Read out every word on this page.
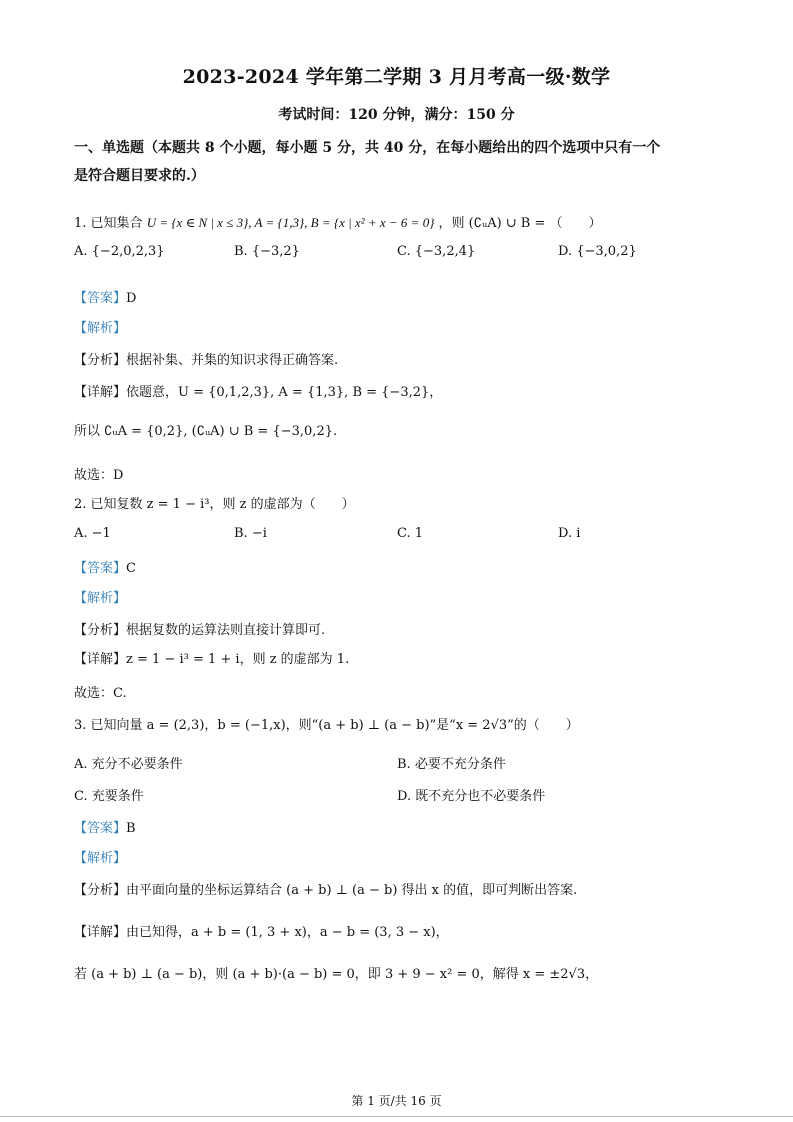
2023-2024 学年第二学期 3 月月考高一级·数学
考试时间：120 分钟，满分：150 分
一、单选题（本题共 8 个小题，每小题 5 分，共 40 分，在每小题给出的四个选项中只有一个
是符合题目要求的.）
1. 已知集合 U = {x ∈ N | x ≤ 3}, A = {1,3}, B = {x | x² + x − 6 = 0} ，则 (∁ᵤA) ∪ B = （　　）
A. {−2,0,2,3}	B. {−3,2}	C. {−3,2,4}	D. {−3,0,2}
【答案】D
【解析】
【分析】根据补集、并集的知识求得正确答案.
【详解】依题意，U = {0,1,2,3}, A = {1,3}, B = {−3,2}，
所以 ∁ᵤA = {0,2}, (∁ᵤA) ∪ B = {−3,0,2}.
故选：D
2. 已知复数 z = 1 − i³，则 z 的虚部为（　　）
A. −1	B. −i	C. 1	D. i
【答案】C
【解析】
【分析】根据复数的运算法则直接计算即可.
【详解】z = 1 − i³ = 1 + i，则 z 的虚部为 1.
故选：C.
3. 已知向量 a = (2,3)，b = (−1,x)，则“(a + b) ⊥ (a − b)”是“x = 2√3”的（　　）
A. 充分不必要条件	B. 必要不充分条件
C. 充要条件	D. 既不充分也不必要条件
【答案】B
【解析】
【分析】由平面向量的坐标运算结合 (a + b) ⊥ (a − b) 得出 x 的值，即可判断出答案.
【详解】由已知得，a + b = (1, 3 + x)，a − b = (3, 3 − x)，
若 (a + b) ⊥ (a − b)，则 (a + b)·(a − b) = 0，即 3 + 9 − x² = 0，解得 x = ±2√3，
第 1 页/共 16 页
